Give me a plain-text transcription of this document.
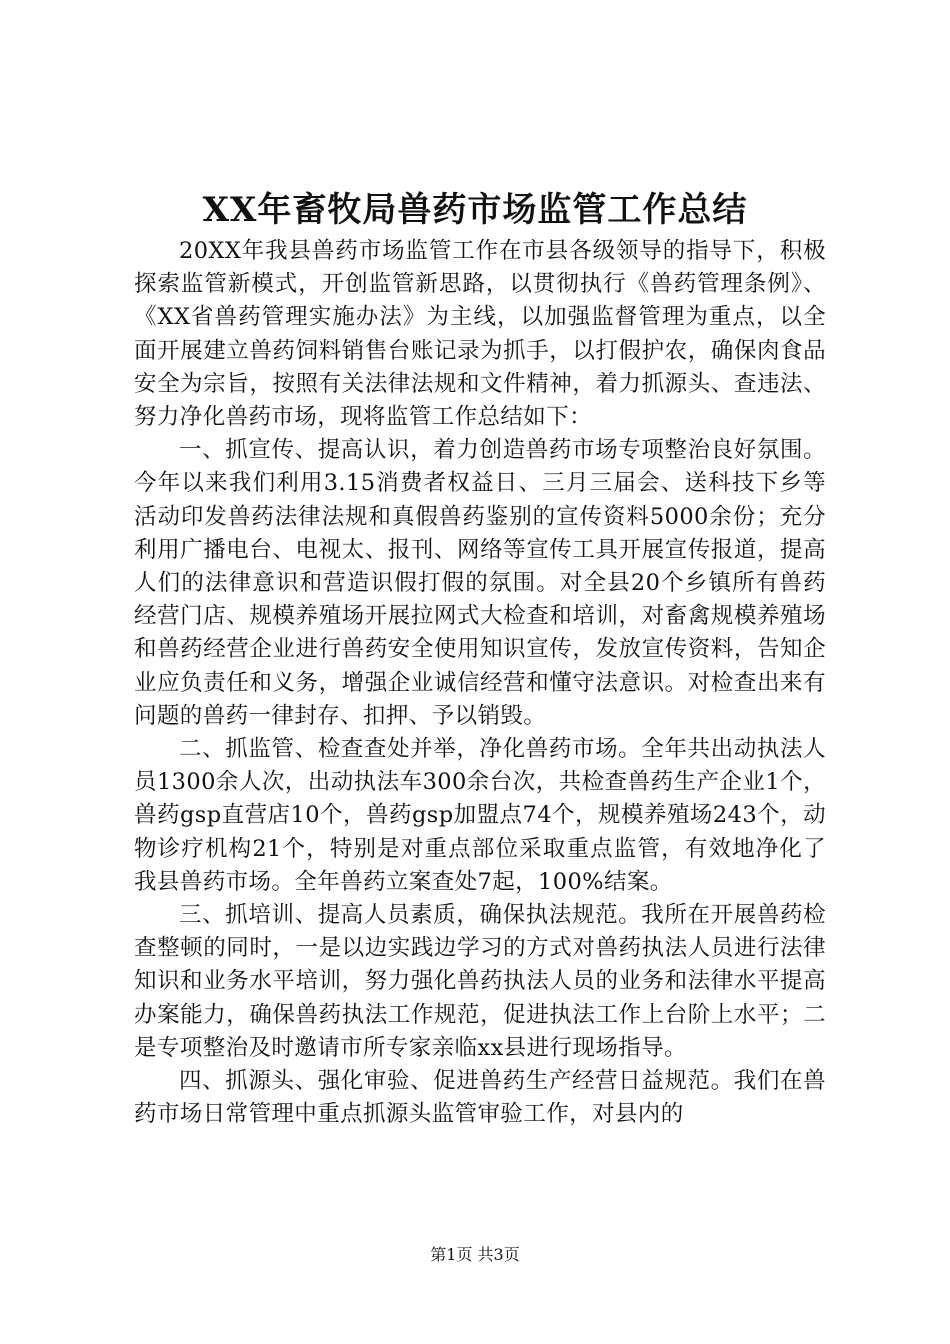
XX年畜牧局兽药市场监管工作总结

20XX年我县兽药市场监管工作在市县各级领导的指导下，积极探索监管新模式，开创监管新思路，以贯彻执行《兽药管理条例》、《XX省兽药管理实施办法》为主线，以加强监督管理为重点，以全面开展建立兽药饲料销售台账记录为抓手，以打假护农，确保肉食品安全为宗旨，按照有关法律法规和文件精神，着力抓源头、查违法、努力净化兽药市场，现将监管工作总结如下：

一、抓宣传、提高认识，着力创造兽药市场专项整治良好氛围。今年以来我们利用3.15消费者权益日、三月三届会、送科技下乡等活动印发兽药法律法规和真假兽药鉴别的宣传资料5000余份；充分利用广播电台、电视太、报刊、网络等宣传工具开展宣传报道，提高人们的法律意识和营造识假打假的氛围。对全县20个乡镇所有兽药经营门店、规模养殖场开展拉网式大检查和培训，对畜禽规模养殖场和兽药经营企业进行兽药安全使用知识宣传，发放宣传资料，告知企业应负责任和义务，增强企业诚信经营和懂守法意识。对检查出来有问题的兽药一律封存、扣押、予以销毁。

二、抓监管、检查查处并举，净化兽药市场。全年共出动执法人员1300余人次，出动执法车300余台次，共检查兽药生产企业1个，兽药gsp直营店10个，兽药gsp加盟点74个，规模养殖场243个，动物诊疗机构21个，特别是对重点部位采取重点监管，有效地净化了我县兽药市场。全年兽药立案查处7起，100%结案。

三、抓培训、提高人员素质，确保执法规范。我所在开展兽药检查整顿的同时，一是以边实践边学习的方式对兽药执法人员进行法律知识和业务水平培训，努力强化兽药执法人员的业务和法律水平提高办案能力，确保兽药执法工作规范，促进执法工作上台阶上水平；二是专项整治及时邀请市所专家亲临xx县进行现场指导。

四、抓源头、强化审验、促进兽药生产经营日益规范。我们在兽药市场日常管理中重点抓源头监管审验工作，对县内的

第1页 共3页
